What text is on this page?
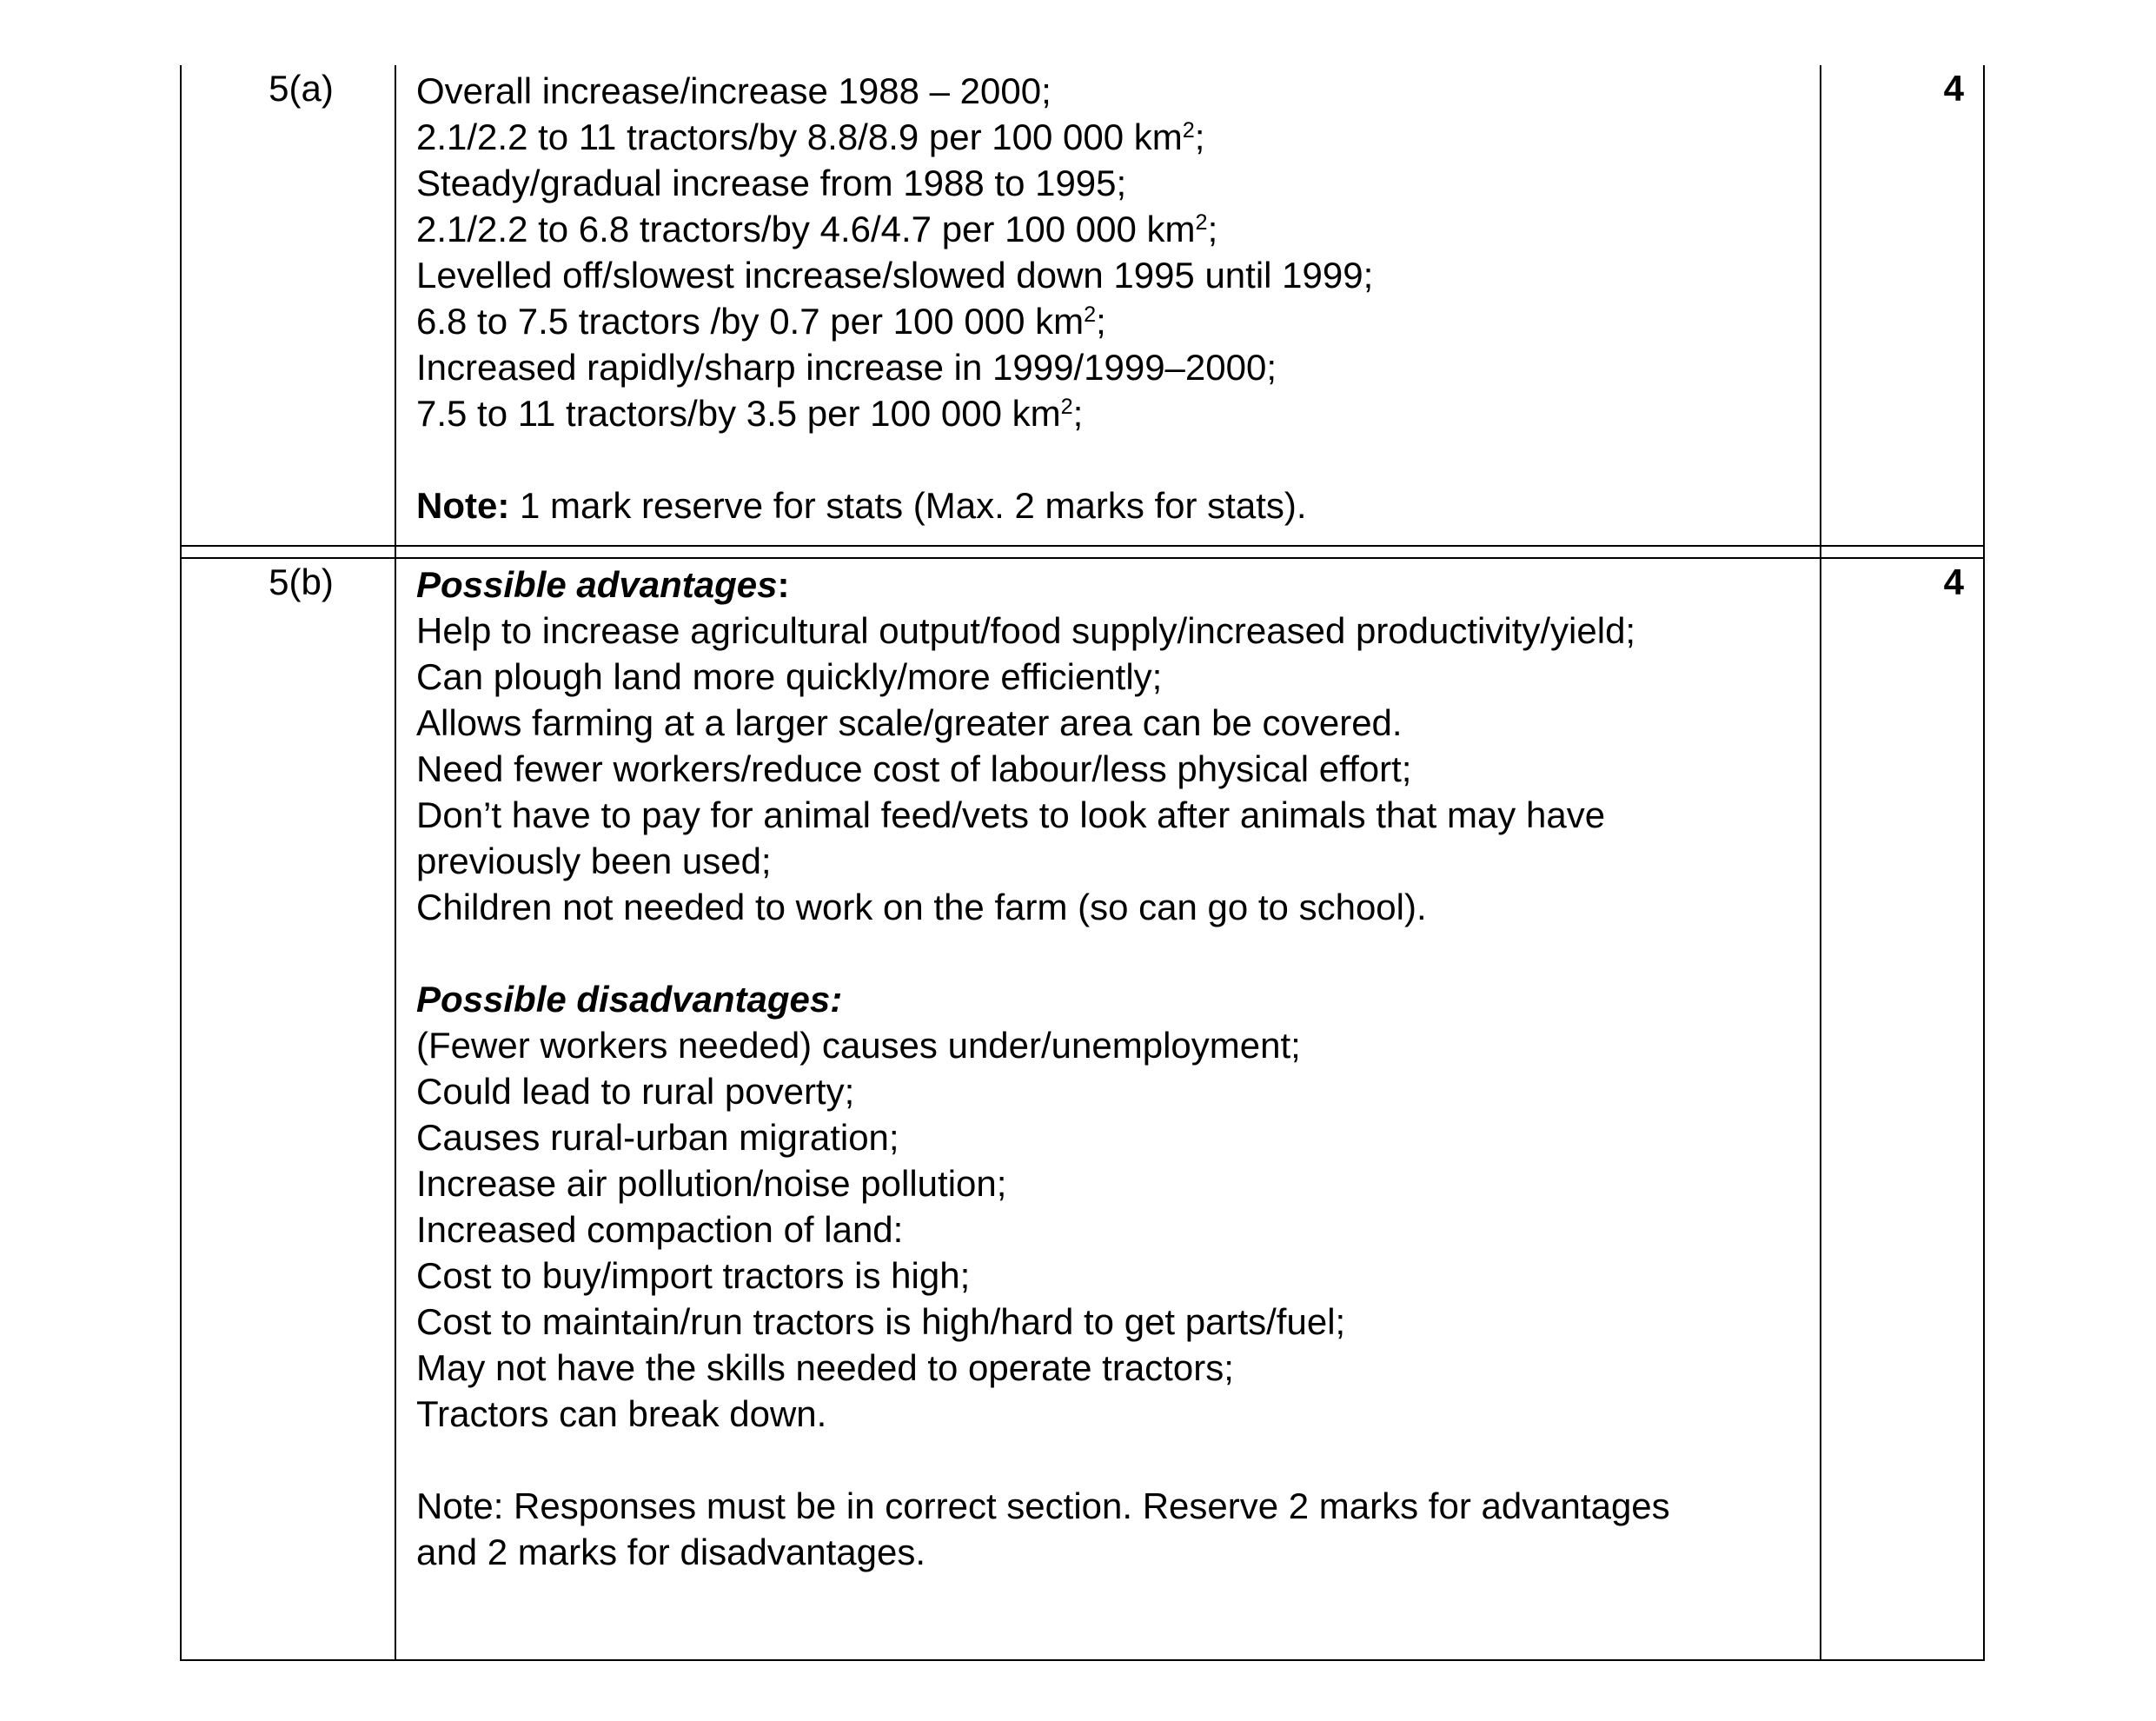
5(a)	Overall increase/increase 1988 – 2000;
2.1/2.2 to 11 tractors/by 8.8/8.9 per 100 000 $km^2$;
Steady/gradual increase from 1988 to 1995;
2.1/2.2 to 6.8 tractors/by 4.6/4.7 per 100 000 $km^2$;
Levelled off/slowest increase/slowed down 1995 until 1999;
6.8 to 7.5 tractors /by 0.7 per 100 000 $km^2$;
Increased rapidly/sharp increase in 1999/1999–2000;
7.5 to 11 tractors/by 3.5 per 100 000 $km^2$;
Note: 1 mark reserve for stats (Max. 2 marks for stats).
4
5(b)	Possible advantages:
Help to increase agricultural output/food supply/increased productivity/yield;
Can plough land more quickly/more efficiently;
Allows farming at a larger scale/greater area can be covered.
Need fewer workers/reduce cost of labour/less physical effort;
Don’t have to pay for animal feed/vets to look after animals that may have
previously been used;
Children not needed to work on the farm (so can go to school).
Possible disadvantages:
(Fewer workers needed) causes under/unemployment;
Could lead to rural poverty;
Causes rural-urban migration;
Increase air pollution/noise pollution;
Increased compaction of land:
Cost to buy/import tractors is high;
Cost to maintain/run tractors is high/hard to get parts/fuel;
May not have the skills needed to operate tractors;
Tractors can break down.
Note: Responses must be in correct section. Reserve 2 marks for advantages
and 2 marks for disadvantages.
4
